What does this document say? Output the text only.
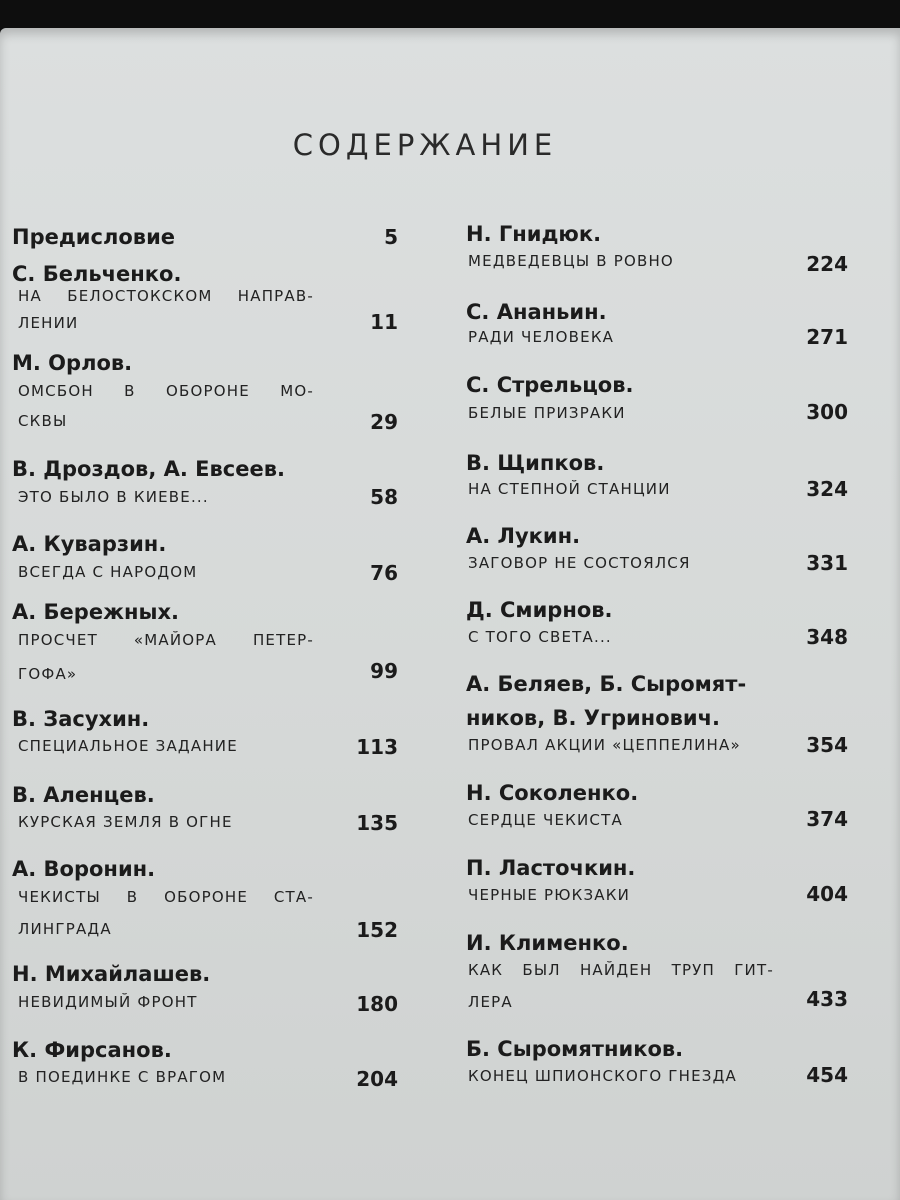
СОДЕРЖАНИЕ
Предисловие	5
С. Бельченко.
НА БЕЛОСТОКСКОМ НАПРАВ-
ЛЕНИИ	11
М. Орлов.
ОМСБОН В ОБОРОНЕ МО-
СКВЫ	29
В. Дроздов, А. Евсеев.
ЭТО БЫЛО В КИЕВЕ...	58
А. Куварзин.
ВСЕГДА С НАРОДОМ	76
А. Бережных.
ПРОСЧЕТ «МАЙОРА ПЕТЕР-
ГОФА»	99
В. Засухин.
СПЕЦИАЛЬНОЕ ЗАДАНИЕ	113
В. Аленцев.
КУРСКАЯ ЗЕМЛЯ В ОГНЕ	135
А. Воронин.
ЧЕКИСТЫ В ОБОРОНЕ СТА-
ЛИНГРАДА	152
Н. Михайлашев.
НЕВИДИМЫЙ ФРОНТ	180
К. Фирсанов.
В ПОЕДИНКЕ С ВРАГОМ	204
Н. Гнидюк.
МЕДВЕДЕВЦЫ В РОВНО	224
С. Ананьин.
РАДИ ЧЕЛОВЕКА	271
С. Стрельцов.
БЕЛЫЕ ПРИЗРАКИ	300
В. Щипков.
НА СТЕПНОЙ СТАНЦИИ	324
А. Лукин.
ЗАГОВОР НЕ СОСТОЯЛСЯ	331
Д. Смирнов.
С ТОГО СВЕТА...	348
А. Беляев, Б. Сыромят-
ников, В. Угринович.
ПРОВАЛ АКЦИИ «ЦЕППЕЛИНА»	354
Н. Соколенко.
СЕРДЦЕ ЧЕКИСТА	374
П. Ласточкин.
ЧЕРНЫЕ РЮКЗАКИ	404
И. Клименко.
КАК БЫЛ НАЙДЕН ТРУП ГИТ-
ЛЕРА	433
Б. Сыромятников.
КОНЕЦ ШПИОНСКОГО ГНЕЗДА	454
